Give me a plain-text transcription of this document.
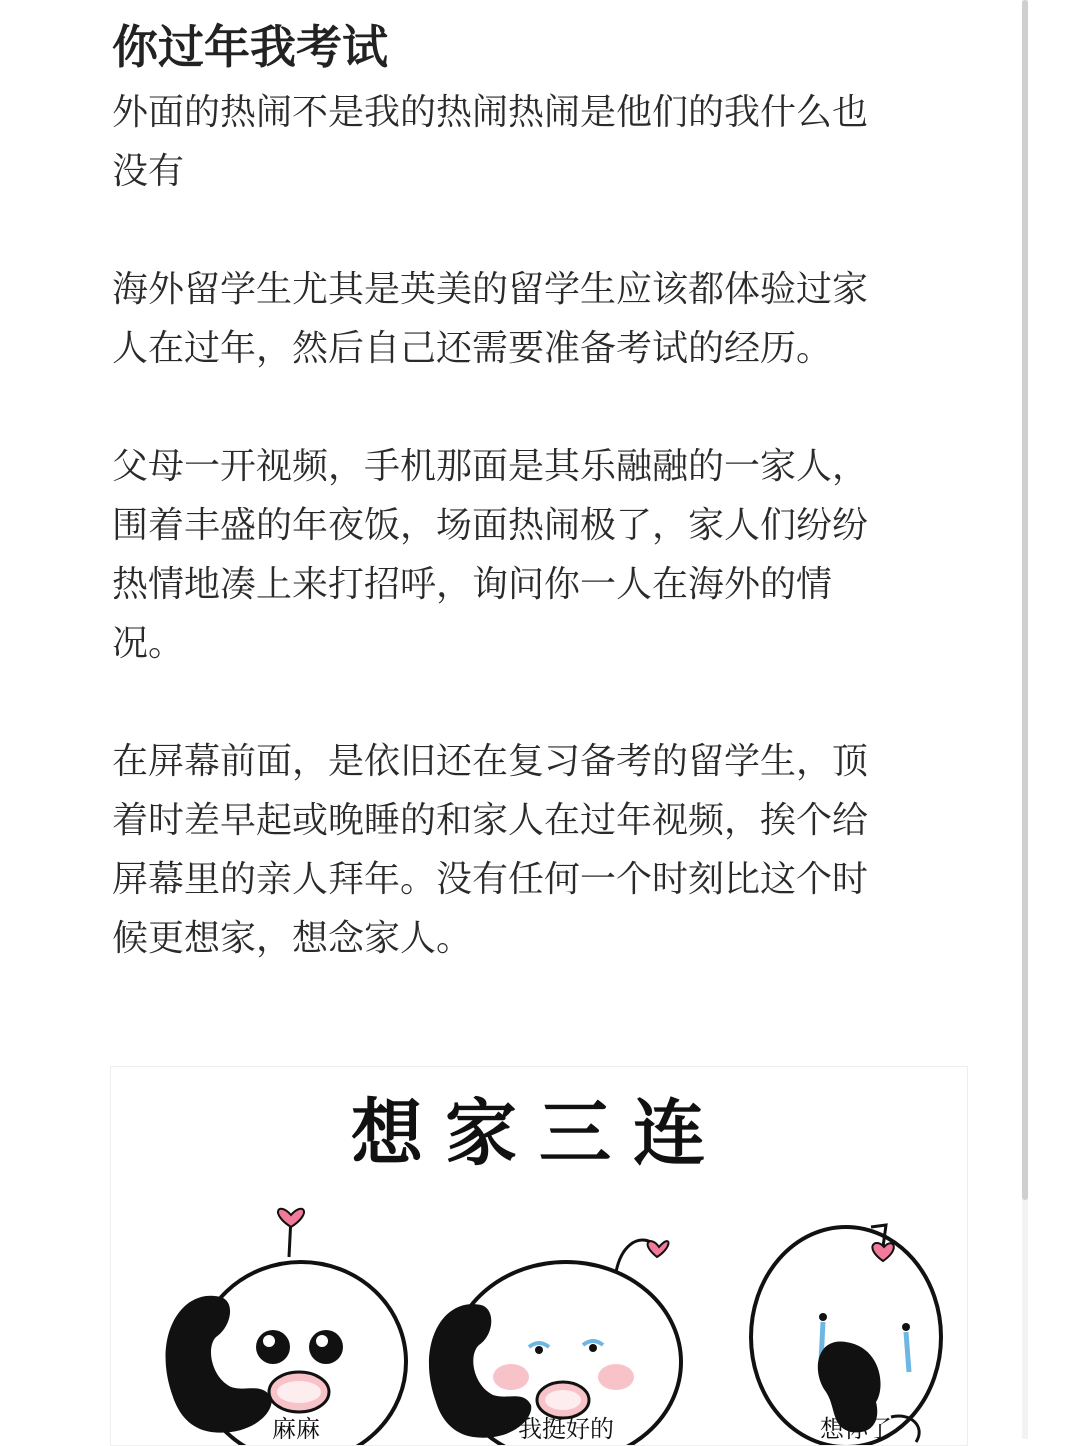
你过年我考试

外面的热闹不是我的热闹热闹是他们的我什么也
没有

海外留学生尤其是英美的留学生应该都体验过家
人在过年，然后自己还需要准备考试的经历。

父母一开视频，手机那面是其乐融融的一家人，
围着丰盛的年夜饭，场面热闹极了，家人们纷纷
热情地凑上来打招呼，询问你一人在海外的情
况。

在屏幕前面，是依旧还在复习备考的留学生，顶
着时差早起或晚睡的和家人在过年视频，挨个给
屏幕里的亲人拜年。没有任何一个时刻比这个时
候更想家，想念家人。

想家三连
麻麻	我挺好的	想你了
